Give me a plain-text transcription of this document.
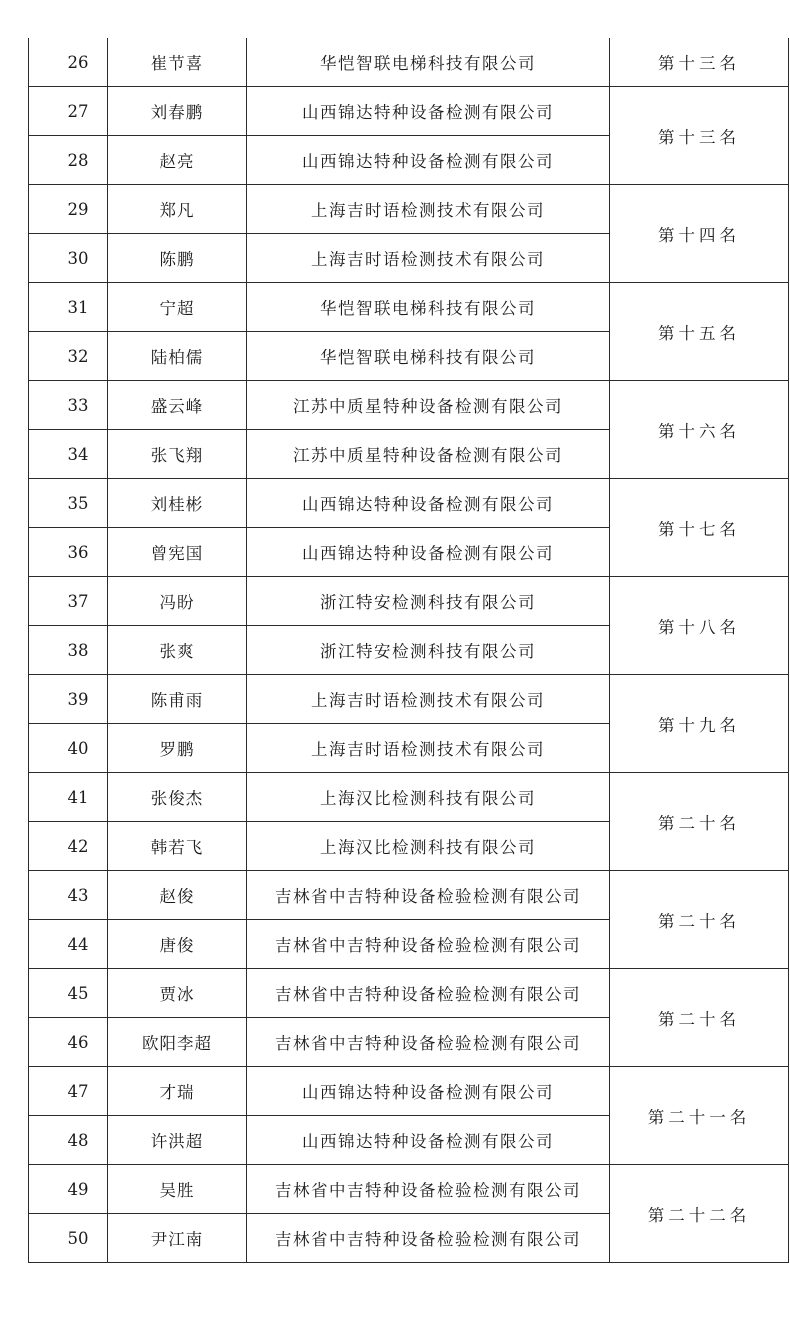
26	崔节喜	华恺智联电梯科技有限公司	第十三名
27	刘春鹏	山西锦达特种设备检测有限公司	第十三名
28	赵亮	山西锦达特种设备检测有限公司	
29	郑凡	上海吉时语检测技术有限公司	第十四名
30	陈鹏	上海吉时语检测技术有限公司	
31	宁超	华恺智联电梯科技有限公司	第十五名
32	陆柏儒	华恺智联电梯科技有限公司	
33	盛云峰	江苏中质星特种设备检测有限公司	第十六名
34	张飞翔	江苏中质星特种设备检测有限公司	
35	刘桂彬	山西锦达特种设备检测有限公司	第十七名
36	曾宪国	山西锦达特种设备检测有限公司	
37	冯盼	浙江特安检测科技有限公司	第十八名
38	张爽	浙江特安检测科技有限公司	
39	陈甫雨	上海吉时语检测技术有限公司	第十九名
40	罗鹏	上海吉时语检测技术有限公司	
41	张俊杰	上海汉比检测科技有限公司	第二十名
42	韩若飞	上海汉比检测科技有限公司	
43	赵俊	吉林省中吉特种设备检验检测有限公司	第二十名
44	唐俊	吉林省中吉特种设备检验检测有限公司	
45	贾冰	吉林省中吉特种设备检验检测有限公司	第二十名
46	欧阳李超	吉林省中吉特种设备检验检测有限公司	
47	才瑞	山西锦达特种设备检测有限公司	第二十一名
48	许洪超	山西锦达特种设备检测有限公司	
49	吴胜	吉林省中吉特种设备检验检测有限公司	第二十二名
50	尹江南	吉林省中吉特种设备检验检测有限公司	
